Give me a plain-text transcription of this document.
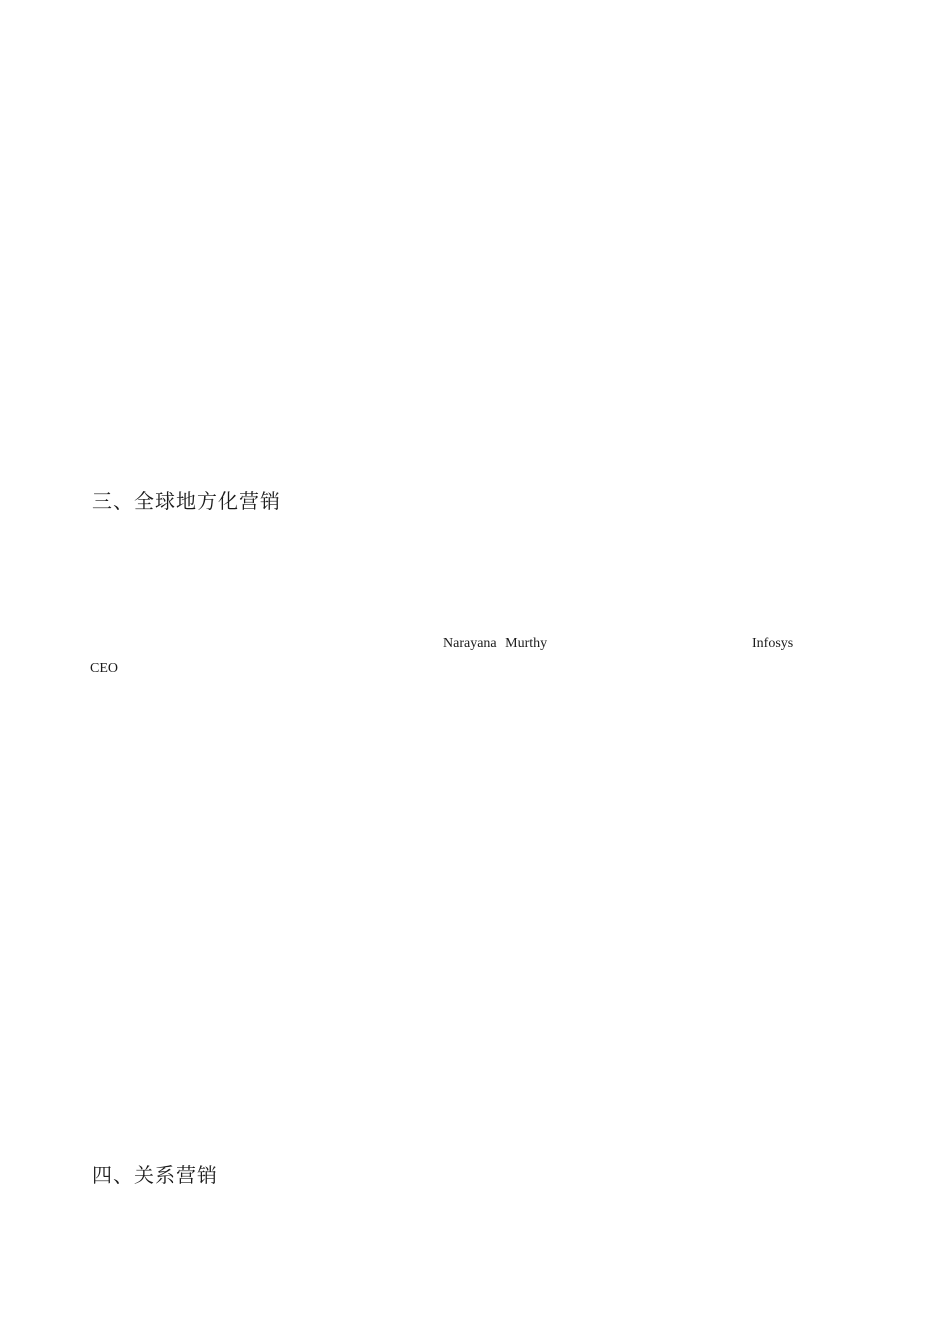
三、全球地方化营销
Narayana Murthy	Infosys
CEO
四、关系营销
